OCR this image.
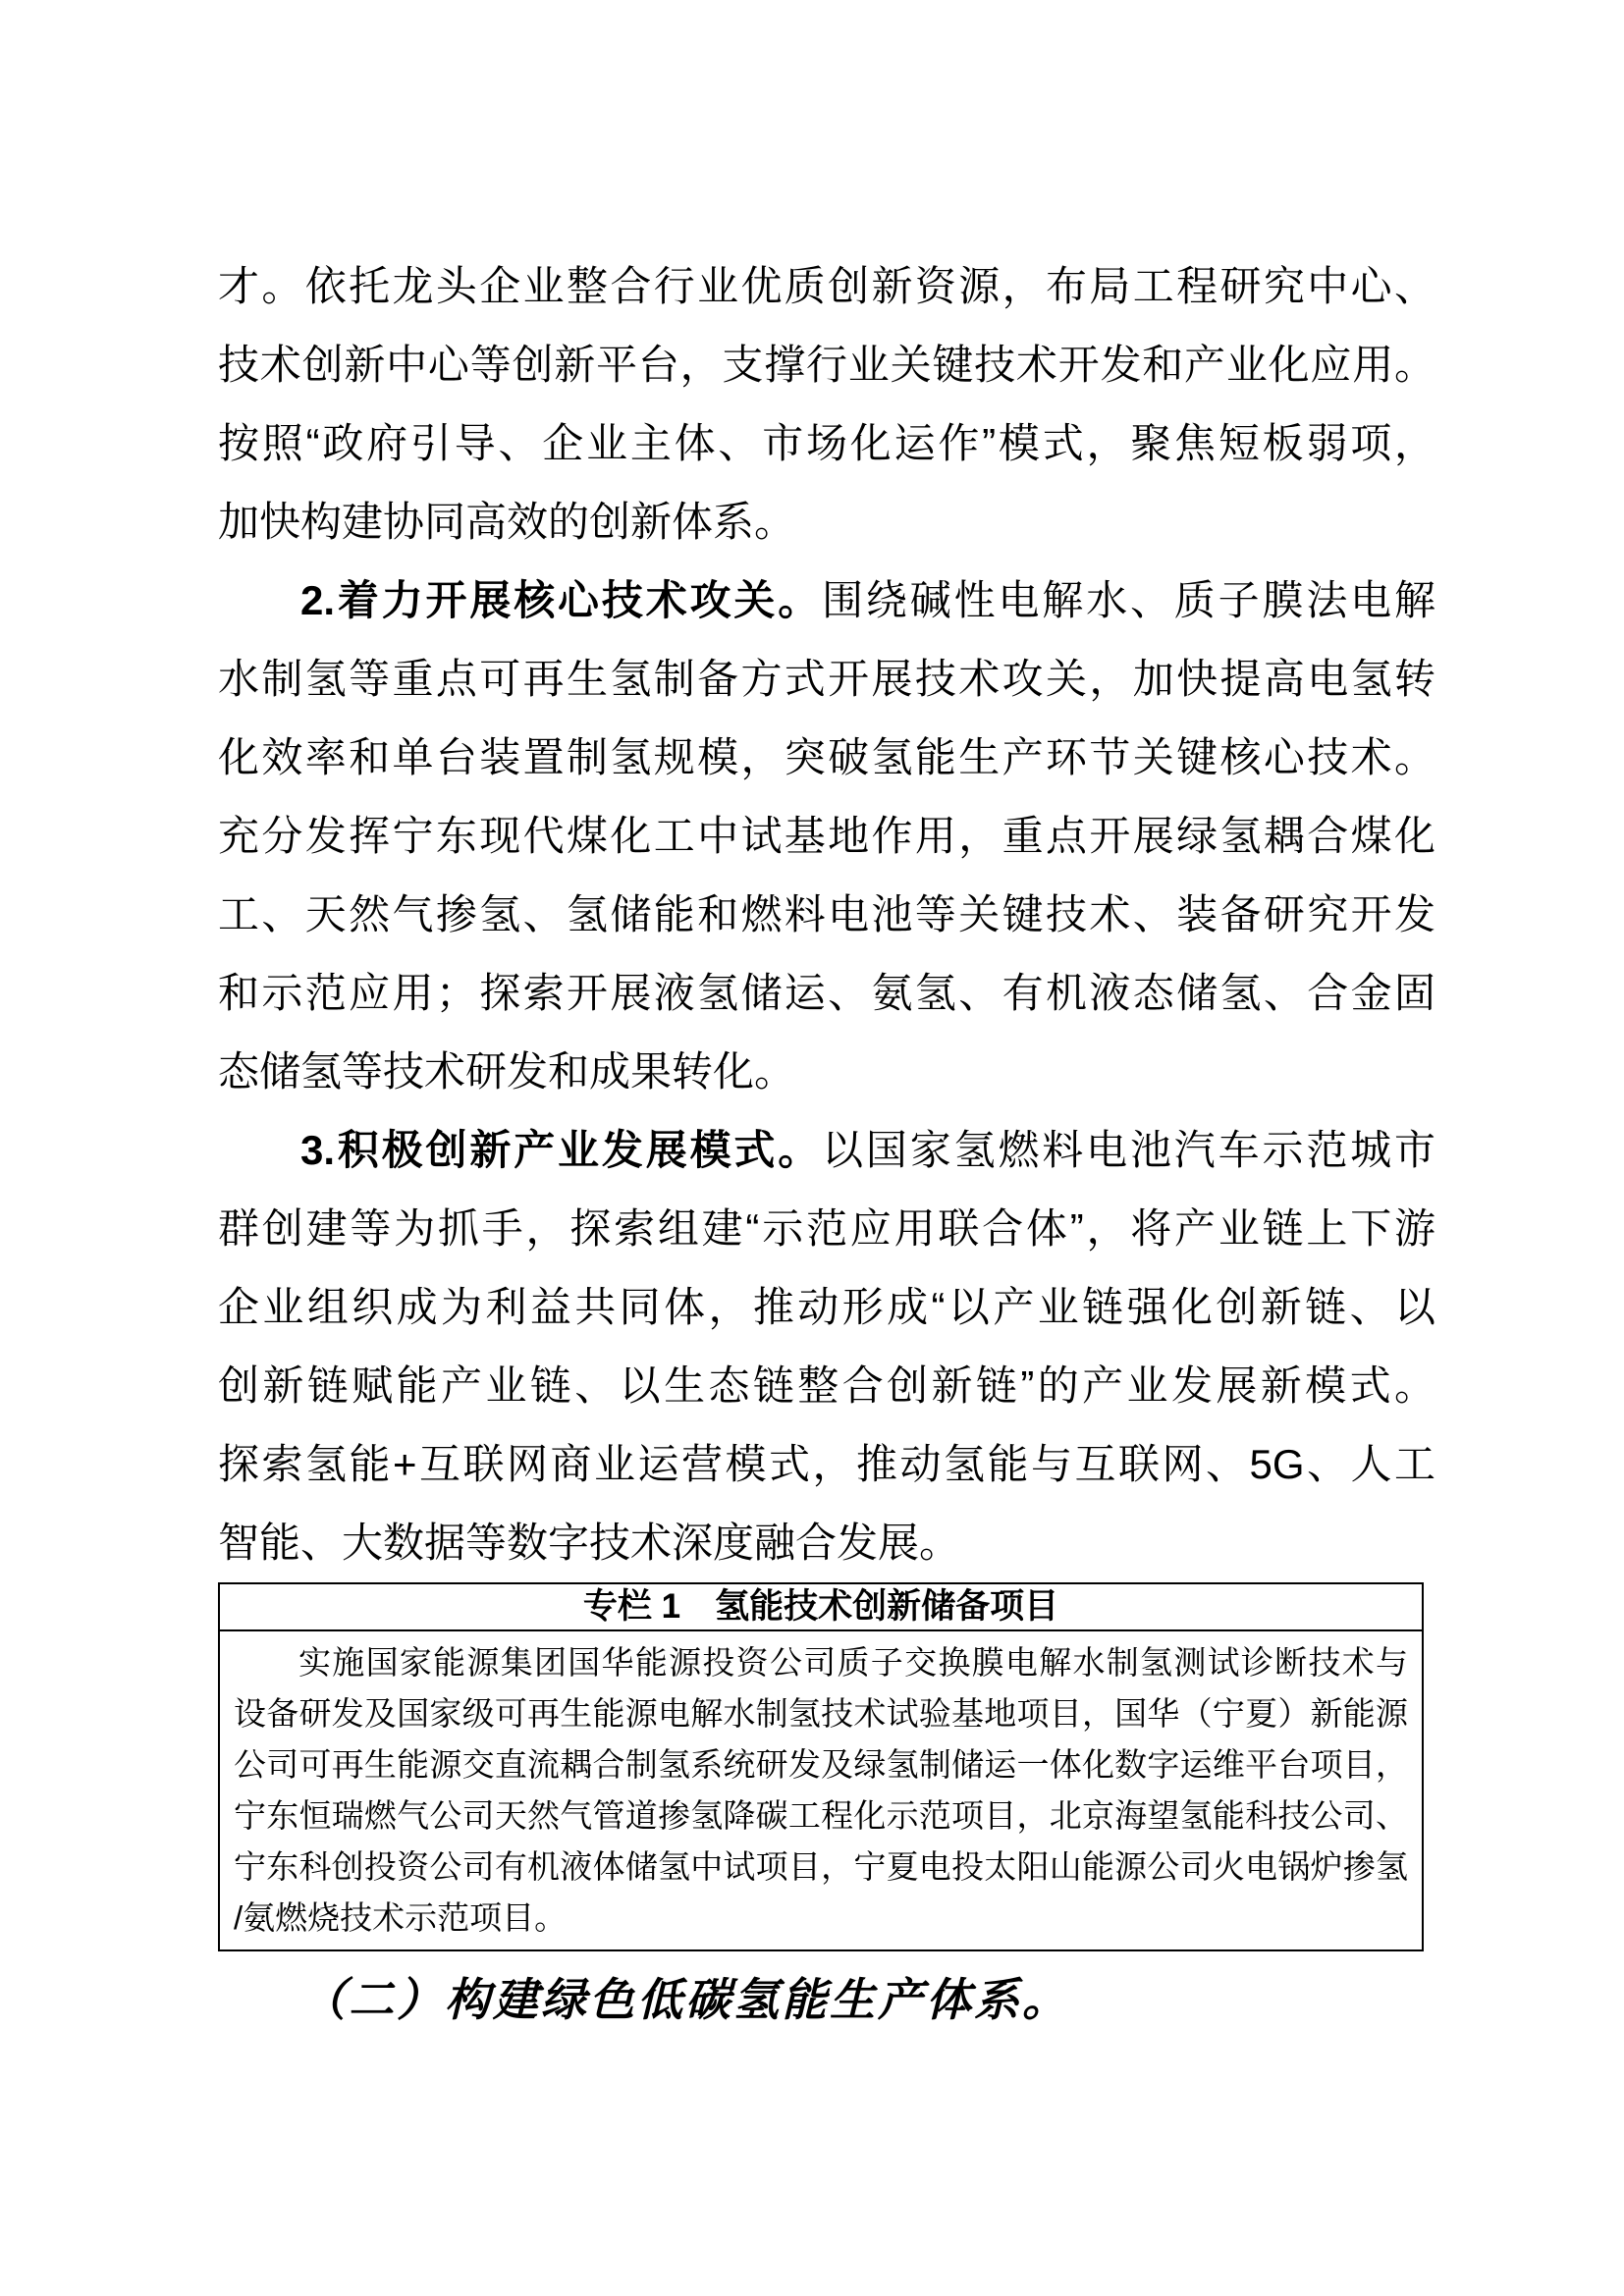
才。依托龙头企业整合行业优质创新资源，布局工程研究中心、
技术创新中心等创新平台，支撑行业关键技术开发和产业化应用。
按照“政府引导、企业主体、市场化运作”模式，聚焦短板弱项，
加快构建协同高效的创新体系。
2.着力开展核心技术攻关。围绕碱性电解水、质子膜法电解
水制氢等重点可再生氢制备方式开展技术攻关，加快提高电氢转
化效率和单台装置制氢规模，突破氢能生产环节关键核心技术。
充分发挥宁东现代煤化工中试基地作用，重点开展绿氢耦合煤化
工、天然气掺氢、氢储能和燃料电池等关键技术、装备研究开发
和示范应用；探索开展液氢储运、氨氢、有机液态储氢、合金固
态储氢等技术研发和成果转化。
3.积极创新产业发展模式。以国家氢燃料电池汽车示范城市
群创建等为抓手，探索组建“示范应用联合体”，将产业链上下游
企业组织成为利益共同体，推动形成“以产业链强化创新链、以
创新链赋能产业链、以生态链整合创新链”的产业发展新模式。
探索氢能+互联网商业运营模式，推动氢能与互联网、5G、人工
智能、大数据等数字技术深度融合发展。
专栏 1　氢能技术创新储备项目
实施国家能源集团国华能源投资公司质子交换膜电解水制氢测试诊断技术与
设备研发及国家级可再生能源电解水制氢技术试验基地项目，国华（宁夏）新能源
公司可再生能源交直流耦合制氢系统研发及绿氢制储运一体化数字运维平台项目，
宁东恒瑞燃气公司天然气管道掺氢降碳工程化示范项目，北京海望氢能科技公司、
宁东科创投资公司有机液体储氢中试项目，宁夏电投太阳山能源公司火电锅炉掺氢
/氨燃烧技术示范项目。
（二）构建绿色低碳氢能生产体系。
